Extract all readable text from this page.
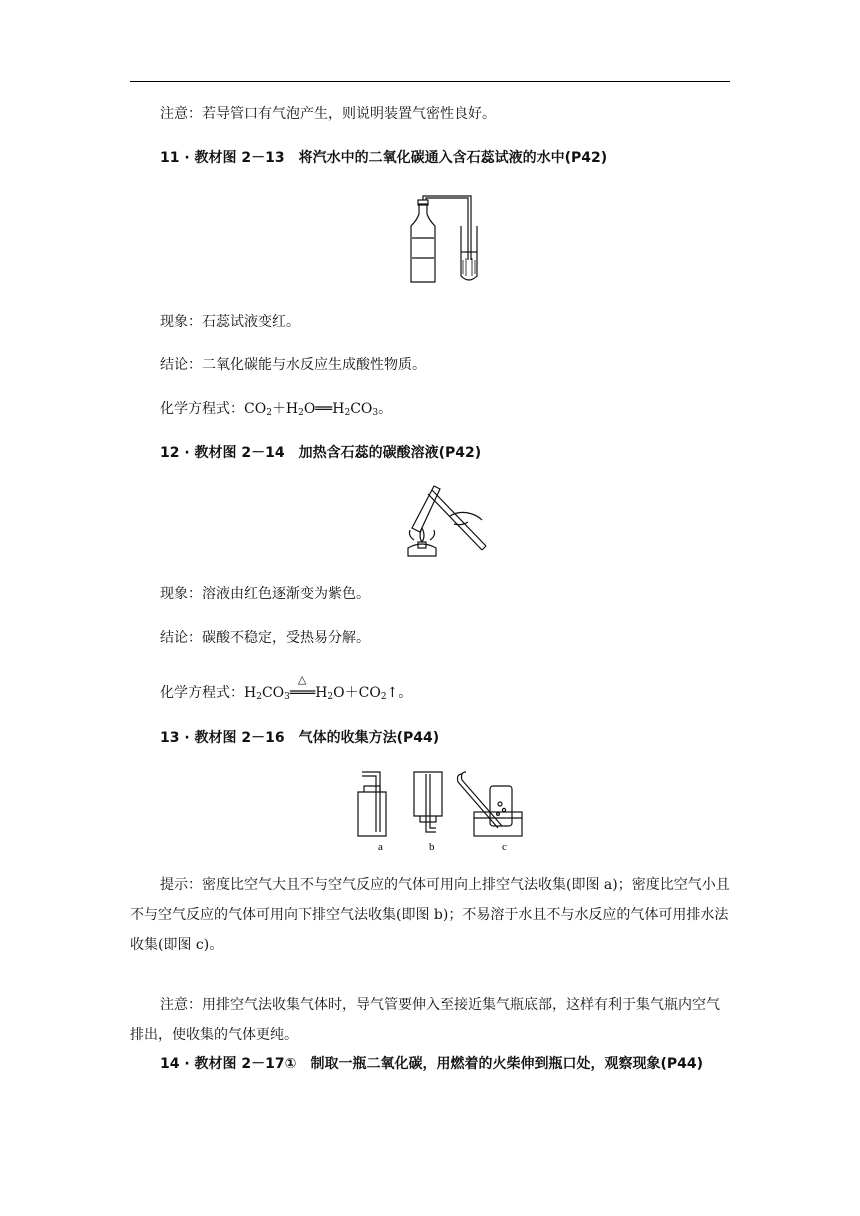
注意：若导管口有气泡产生，则说明装置气密性良好。
11 · 教材图 2－13　将汽水中的二氧化碳通入含石蕊试液的水中(P42)
现象：石蕊试液变红。
结论：二氧化碳能与水反应生成酸性物质。
化学方程式：$CO_2+H_2O══H_2CO_3$。
12 · 教材图 2－14　加热含石蕊的碳酸溶液(P42)
现象：溶液由红色逐渐变为紫色。
结论：碳酸不稳定，受热易分解。
化学方程式：$H_2CO_3$
△
$═══H_2O+CO_2↑$。
13 · 教材图 2－16　气体的收集方法(P44)
a	b	c
提示：密度比空气大且不与空气反应的气体可用向上排空气法收集(即图 a)；密度比空气小且不与空气反应的气体可用向下排空气法收集(即图 b)；不易溶于水且不与水反应的气体可用排水法收集(即图 c)。
注意：用排空气法收集气体时，导气管要伸入至接近集气瓶底部，这样有利于集气瓶内空气排出，使收集的气体更纯。
14 · 教材图 2－17①　制取一瓶二氧化碳，用燃着的火柴伸到瓶口处，观察现象(P44)
